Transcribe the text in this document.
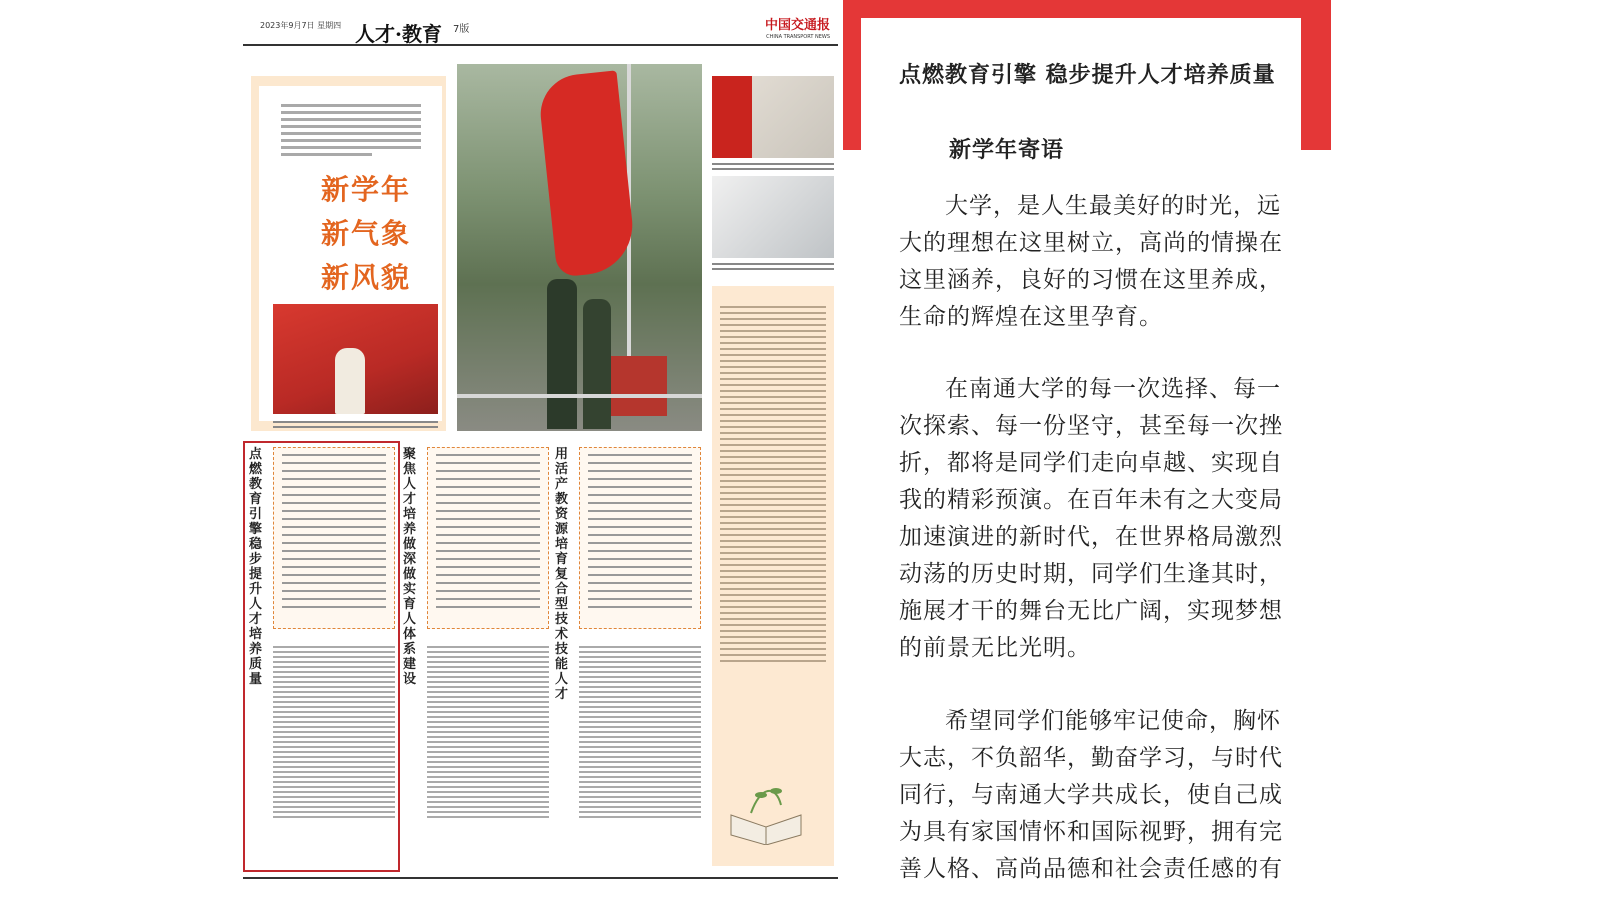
2023年9月7日 星期四 人才·教育 7版	中国交通报
CHINA TRANSPORT NEWS
新学年
新气象
新风貌
点燃教育引擎 稳步提升人才培养质量
聚焦人才培养 做深做实育人体系建设
用活产教资源 培育复合型技术技能人才
点燃教育引擎 稳步提升人才培养质量
新学年寄语

大学，是人生最美好的时光，远大的理想在这里树立，高尚的情操在这里涵养，良好的习惯在这里养成，生命的辉煌在这里孕育。

在南通大学的每一次选择、每一次探索、每一份坚守，甚至每一次挫折，都将是同学们走向卓越、实现自我的精彩预演。在百年未有之大变局加速演进的新时代，在世界格局激烈动荡的历史时期，同学们生逢其时，施展才干的舞台无比广阔，实现梦想的前景无比光明。

希望同学们能够牢记使命，胸怀大志，不负韶华，勤奋学习，与时代同行，与南通大学共成长，使自己成为具有家国情怀和国际视野，拥有完善人格、高尚品德和社会责任感的有
